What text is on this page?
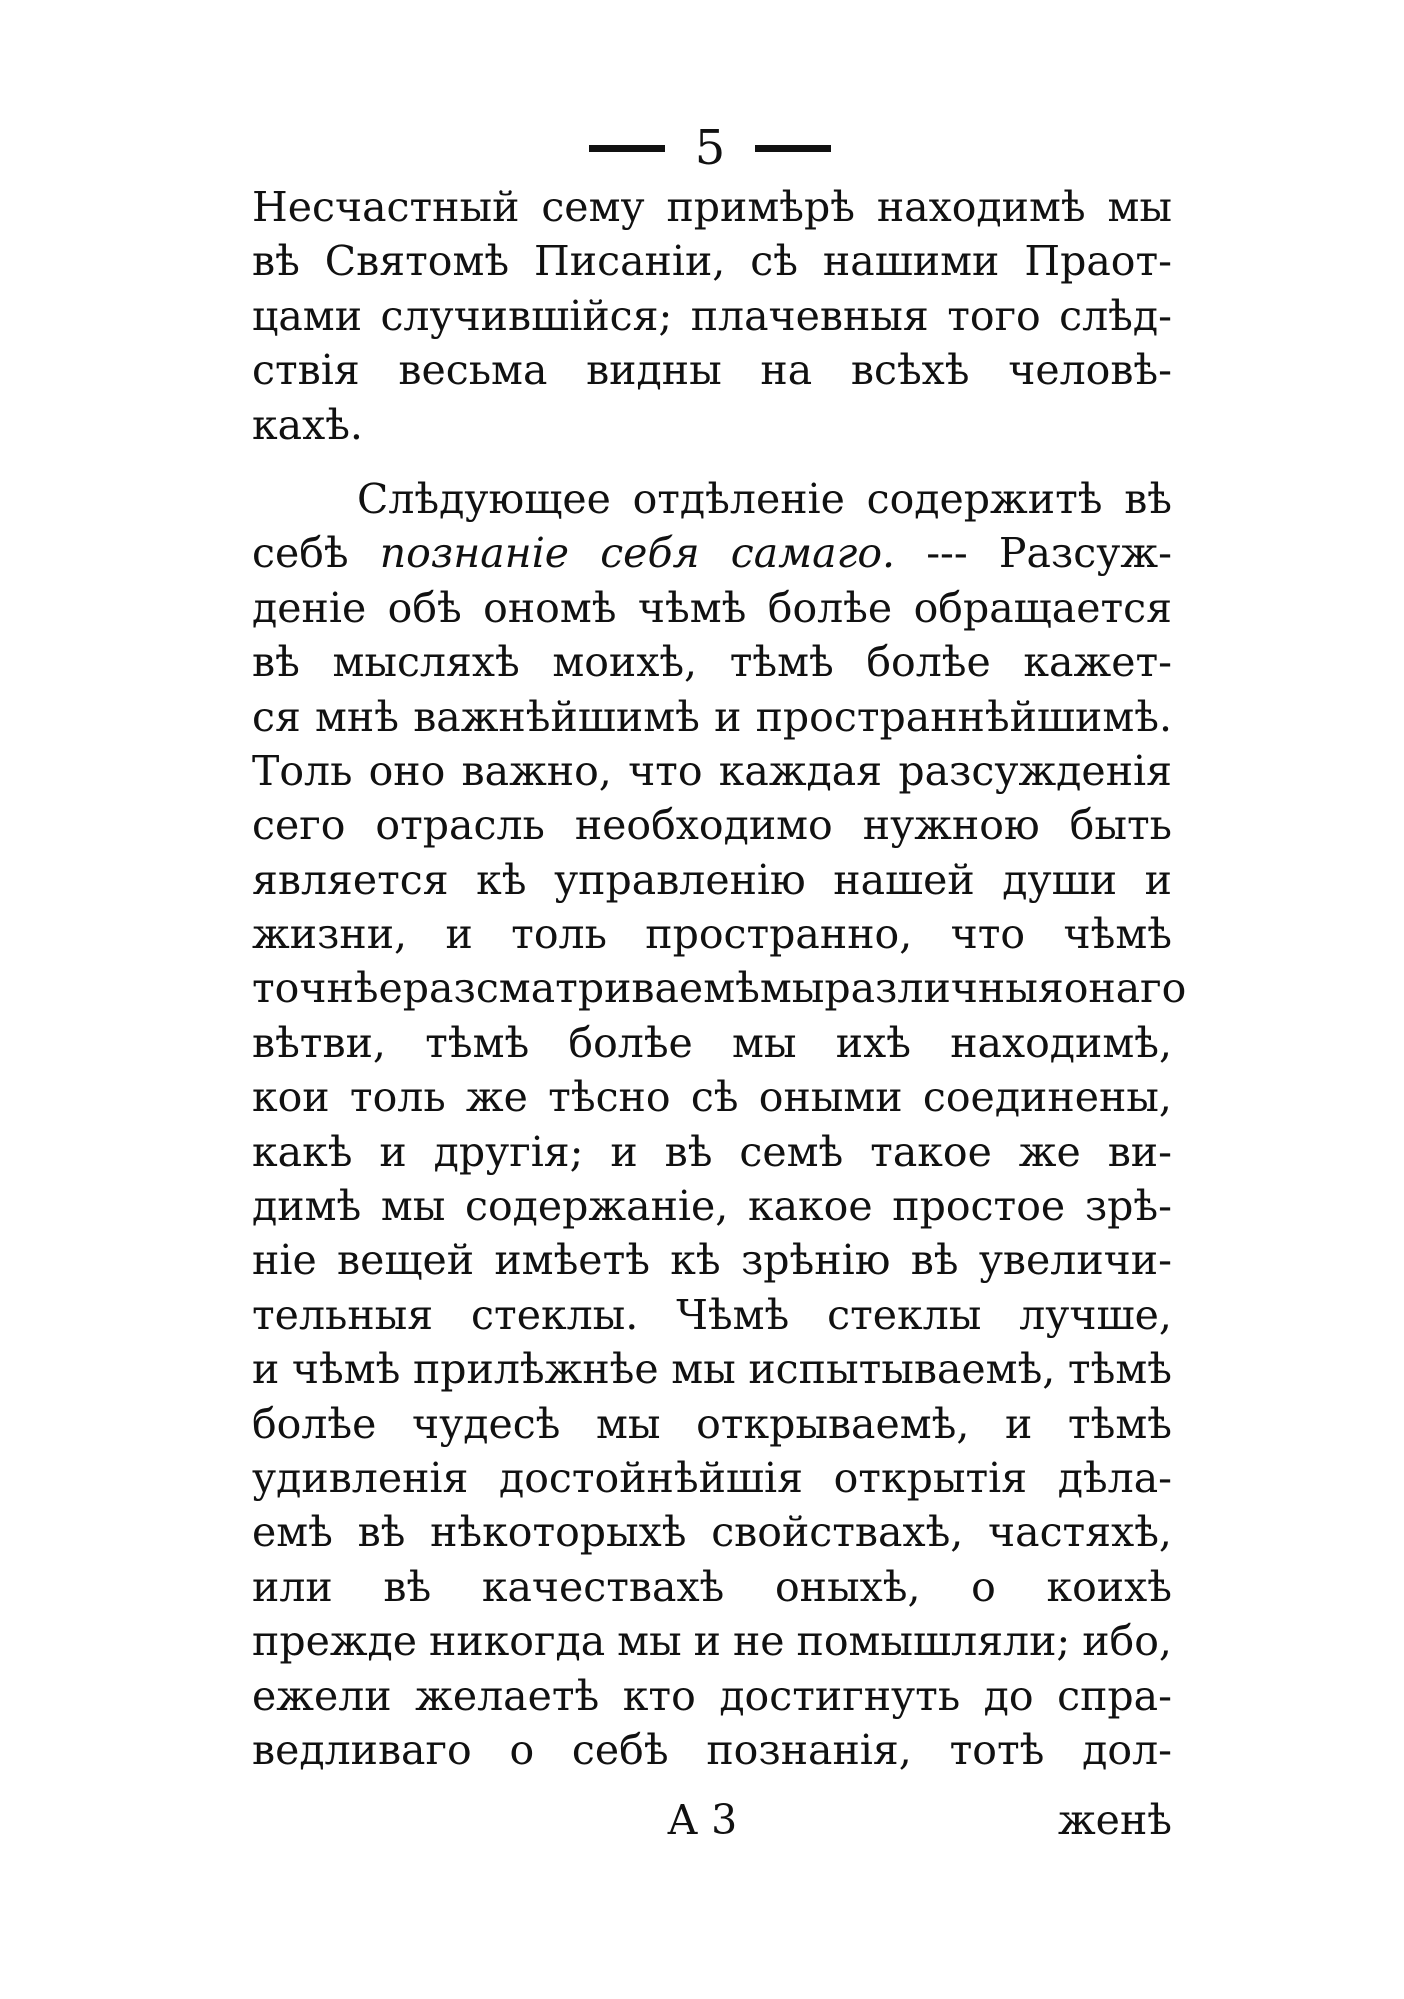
5
Несчастный сему примѣрѣ находимѣ мы
вѣ Святомѣ Писаніи, сѣ нашими Праот-
цами случившійся; плачевныя того слѣд-
ствія весьма видны на всѣхѣ человѣ-
кахѣ.
Слѣдующее отдѣленіе содержитѣ вѣ
себѣ познаніе себя самаго. --- Разсуж-
деніе обѣ ономѣ чѣмѣ болѣе обращается
вѣ мысляхѣ моихѣ, тѣмѣ болѣе кажет-
ся мнѣ важнѣйшимѣ и пространнѣйшимѣ.
Толь оно важно, что каждая разсужденія
сего отрасль необходимо нужною быть
является кѣ управленію нашей души и
жизни, и толь пространно, что чѣмѣ
точнѣе разсматриваемѣ мы различныя онаго
вѣтви, тѣмѣ болѣе мы ихѣ находимѣ,
кои толь же тѣсно сѣ оными соединены,
какѣ и другія; и вѣ семѣ такое же ви-
димѣ мы содержаніе, какое простое зрѣ-
ніе вещей имѣетѣ кѣ зрѣнію вѣ увеличи-
тельныя стеклы. Чѣмѣ стеклы лучше,
и чѣмѣ прилѣжнѣе мы испытываемѣ, тѣмѣ
болѣе чудесѣ мы открываемѣ, и тѣмѣ
удивленія достойнѣйшія открытія дѣла-
емѣ вѣ нѣкоторыхѣ свойствахѣ, частяхѣ,
или вѣ качествахѣ оныхѣ, о коихѣ
прежде никогда мы и не помышляли; ибо,
ежели желаетѣ кто достигнуть до спра-
ведливаго о себѣ познанія, тотѣ дол-
А 3	женѣ
